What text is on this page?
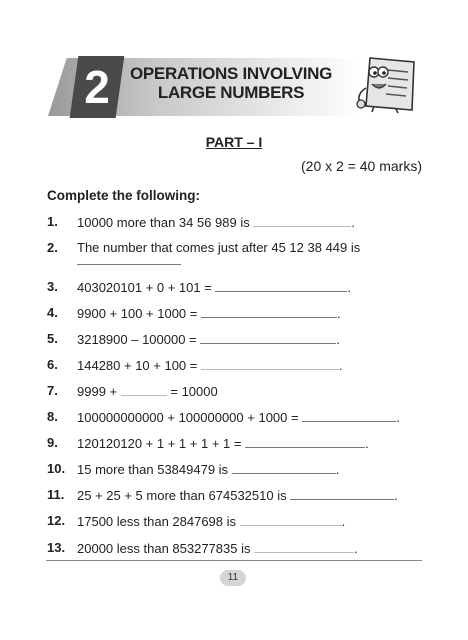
2	OPERATIONS INVOLVING
LARGE NUMBERS
PART – I
(20 x 2 = 40 marks)
Complete the following:
1. 10000 more than 34 56 989 is	.
2. The number that comes just after 45 12 38 449 is
3. 403020101 + 0 + 101 =	.
4. 9900 + 100 + 1000 =	.
5. 3218900 – 100000 =	.
6. 144280 + 10 + 100 =	.
7. 9999 +	= 10000
8. 100000000000 + 100000000 + 1000 =	.
9. 120120120 + 1 + 1 + 1 + 1 =	.
10. 15 more than 53849479 is	.
11. 25 + 25 + 5 more than 674532510 is	.
12. 17500 less than 2847698 is	.
13. 20000 less than 853277835 is	.
11
